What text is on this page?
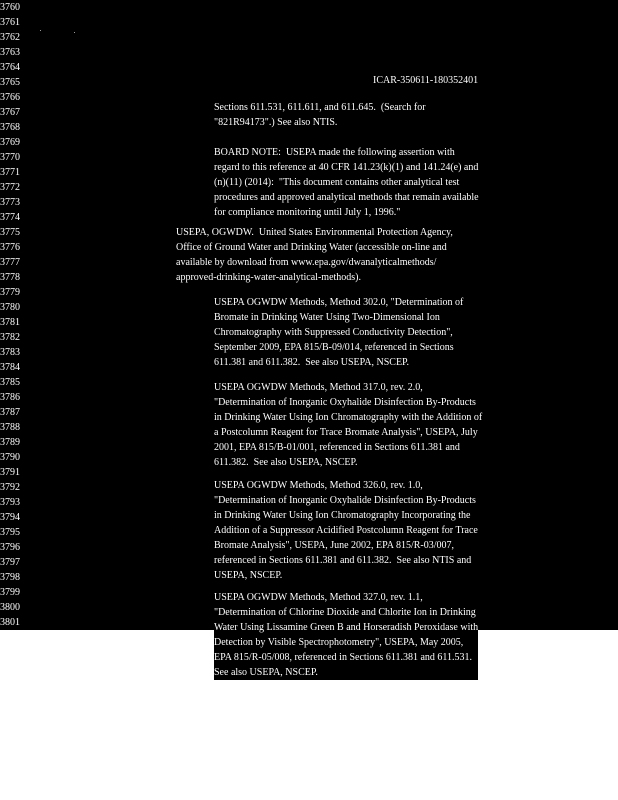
ICAR-350611-180352401
3760
3761
3762
3763
3764
3765
3766
3767
3768
3769
3770
3771
3772
3773
3774
3775
3776
3777
3778
3779
3780
3781
3782
3783
3784
3785
3786
3787
3788
3789
3790
3791
3792
3793
3794
3795
3796
3797
3798
3799
3800
3801
Sections 611.531, 611.611, and 611.645.  (Search for
"821R94173".) See also NTIS.
BOARD NOTE:  USEPA made the following assertion with
regard to this reference at 40 CFR 141.23(k)(1) and 141.24(e) and
(n)(11) (2014):  "This document contains other analytical test
procedures and approved analytical methods that remain available
for compliance monitoring until July 1, 1996."
USEPA, OGWDW.  United States Environmental Protection Agency,
Office of Ground Water and Drinking Water (accessible on-line and
available by download from www.epa.gov/dwanalyticalmethods/
approved-drinking-water-analytical-methods).
USEPA OGWDW Methods, Method 302.0, "Determination of
Bromate in Drinking Water Using Two-Dimensional Ion
Chromatography with Suppressed Conductivity Detection",
September 2009, EPA 815/B-09/014, referenced in Sections
611.381 and 611.382.  See also USEPA, NSCEP.
USEPA OGWDW Methods, Method 317.0, rev. 2.0,
"Determination of Inorganic Oxyhalide Disinfection By-Products
in Drinking Water Using Ion Chromatography with the Addition of
a Postcolumn Reagent for Trace Bromate Analysis", USEPA, July
2001, EPA 815/B-01/001, referenced in Sections 611.381 and
611.382.  See also USEPA, NSCEP.
USEPA OGWDW Methods, Method 326.0, rev. 1.0,
"Determination of Inorganic Oxyhalide Disinfection By-Products
in Drinking Water Using Ion Chromatography Incorporating the
Addition of a Suppressor Acidified Postcolumn Reagent for Trace
Bromate Analysis", USEPA, June 2002, EPA 815/R-03/007,
referenced in Sections 611.381 and 611.382.  See also NTIS and
USEPA, NSCEP.
USEPA OGWDW Methods, Method 327.0, rev. 1.1,
"Determination of Chlorine Dioxide and Chlorite Ion in Drinking
Water Using Lissamine Green B and Horseradish Peroxidase with
Detection by Visible Spectrophotometry", USEPA, May 2005,
EPA 815/R-05/008, referenced in Sections 611.381 and 611.531.
See also USEPA, NSCEP.
